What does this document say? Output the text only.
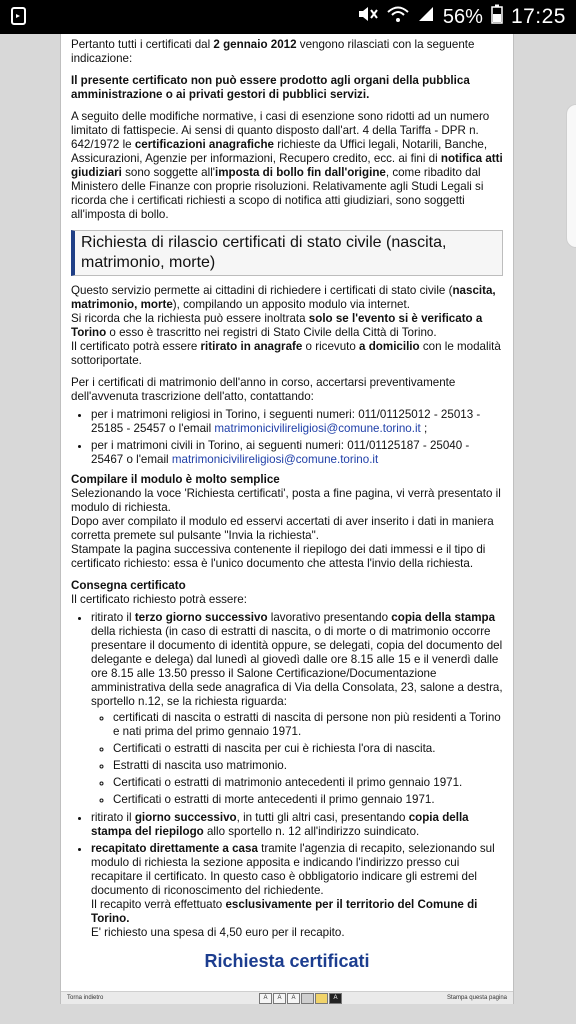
56% 17:25

Pertanto tutti i certificati dal 2 gennaio 2012 vengono rilasciati con la seguente indicazione:

Il presente certificato non può essere prodotto agli organi della pubblica amministrazione o ai privati gestori di pubblici servizi.

A seguito delle modifiche normative, i casi di esenzione sono ridotti ad un numero limitato di fattispecie. Ai sensi di quanto disposto dall'art. 4 della Tariffa - DPR n. 642/1972 le certificazioni anagrafiche richieste da Uffici legali, Notarili, Banche, Assicurazioni, Agenzie per informazioni, Recupero credito, ecc. ai fini di notifica atti giudiziari sono soggette all'imposta di bollo fin dall'origine, come ribadito dal Ministero delle Finanze con proprie risoluzioni. Relativamente agli Studi Legali si ricorda che i certificati richiesti a scopo di notifica atti giudiziari, sono soggetti all'imposta di bollo.

Richiesta di rilascio certificati di stato civile (nascita, matrimonio, morte)

Questo servizio permette ai cittadini di richiedere i certificati di stato civile (nascita, matrimonio, morte), compilando un apposito modulo via internet.
Si ricorda che la richiesta può essere inoltrata solo se l'evento si è verificato a Torino o esso è trascritto nei registri di Stato Civile della Città di Torino.
Il certificato potrà essere ritirato in anagrafe o ricevuto a domicilio con le modalità sottoriportate.

Per i certificati di matrimonio dell'anno in corso, accertarsi preventivamente dell'avvenuta trascrizione dell'atto, contattando:

• per i matrimoni religiosi in Torino, i seguenti numeri: 011/01125012 - 25013 - 25185 - 25457 o l'email matrimonicivilireligiosi@comune.torino.it ;
• per i matrimoni civili in Torino, ai seguenti numeri: 011/01125187 - 25040 - 25467 o l'email matrimonicivilireligiosi@comune.torino.it

Compilare il modulo è molto semplice
Selezionando la voce 'Richiesta certificati', posta a fine pagina, vi verrà presentato il modulo di richiesta.
Dopo aver compilato il modulo ed esservi accertati di aver inserito i dati in maniera corretta premete sul pulsante "Invia la richiesta".
Stampate la pagina successiva contenente il riepilogo dei dati immessi e il tipo di certificato richiesto: essa è l'unico documento che attesta l'invio della richiesta.

Consegna certificato
Il certificato richiesto potrà essere:

• ritirato il terzo giorno successivo lavorativo presentando copia della stampa della richiesta (in caso di estratti di nascita, o di morte o di matrimonio occorre presentare il documento di identità oppure, se delegati, copia del documento del delegante e delega) dal lunedì al giovedì dalle ore 8.15 alle 15 e il venerdì dalle ore 8.15 alle 13.50 presso il Salone Certificazione/Documentazione amministrativa della sede anagrafica di Via della Consolata, 23, salone a destra, sportello n.12, se la richiesta riguarda:
◦ certificati di nascita o estratti di nascita di persone non più residenti a Torino e nati prima del primo gennaio 1971.
◦ Certificati o estratti di nascita per cui è richiesta l'ora di nascita.
◦ Estratti di nascita uso matrimonio.
◦ Certificati o estratti di matrimonio antecedenti il primo gennaio 1971.
◦ Certificati o estratti di morte antecedenti il primo gennaio 1971.
• ritirato il giorno successivo, in tutti gli altri casi, presentando copia della stampa del riepilogo allo sportello n. 12 all'indirizzo suindicato.
• recapitato direttamente a casa tramite l'agenzia di recapito, selezionando sul modulo di richiesta la sezione apposita e indicando l'indirizzo presso cui recapitare il certificato. In questo caso è obbligatorio indicare gli estremi del documento di riconoscimento del richiedente.
Il recapito verrà effettuato esclusivamente per il territorio del Comune di Torino.
E' richiesto una spesa di 4,50 euro per il recapito.
Richiesta certificati
Torna indietro	A	A	A	A	Stampa questa pagina
